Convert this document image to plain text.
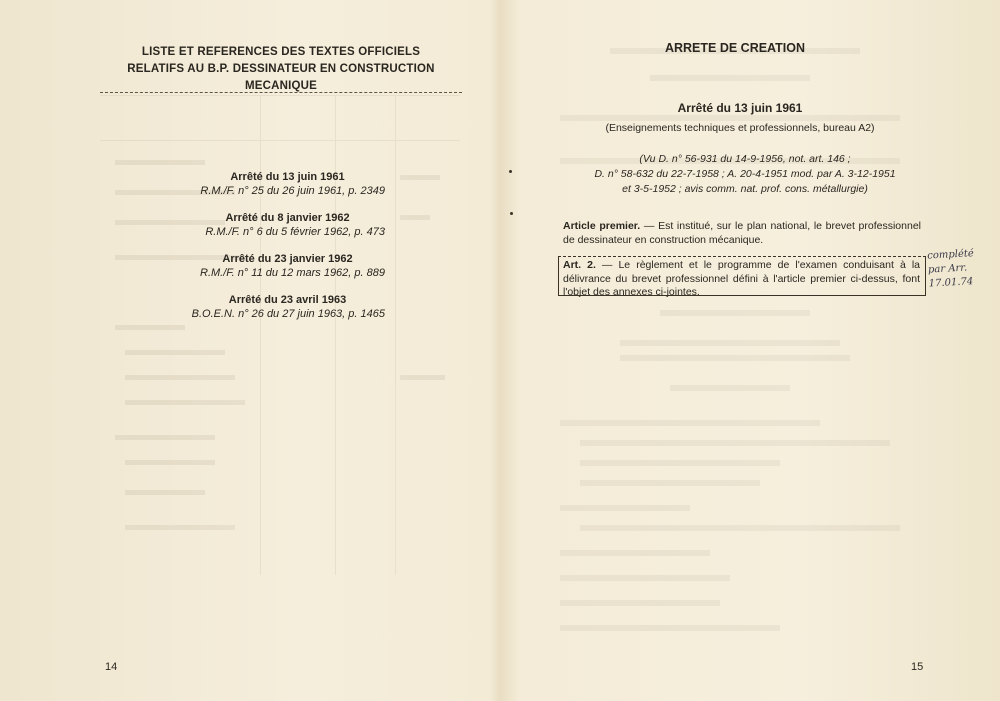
LISTE ET REFERENCES DES TEXTES OFFICIELS
RELATIFS AU B.P. DESSINATEUR EN CONSTRUCTION MECANIQUE
Arrêté du 13 juin 1961
R.M./F. n° 25 du 26 juin 1961, p. 2349
Arrêté du 8 janvier 1962
R.M./F. n° 6 du 5 février 1962, p. 473
Arrêté du 23 janvier 1962
R.M./F. n° 11 du 12 mars 1962, p. 889
Arrêté du 23 avril 1963
B.O.E.N. n° 26 du 27 juin 1963, p. 1465
14
ARRETE DE CREATION
Arrêté du 13 juin 1961
(Enseignements techniques et professionnels, bureau A2)
(Vu D. n° 56-931 du 14-9-1956, not. art. 146 ;
D. n° 58-632 du 22-7-1958 ; A. 20-4-1951 mod. par A. 3-12-1951
et 3-5-1952 ; avis comm. nat. prof. cons. métallurgie)
Article premier. — Est institué, sur le plan national, le brevet professionnel de dessinateur en construction mécanique.
Art. 2. — Le règlement et le programme de l'examen conduisant à la délivrance du brevet professionnel défini à l'article premier ci-dessus, font l'objet des annexes ci-jointes.
complété
par Arr.
17.01.74
15
